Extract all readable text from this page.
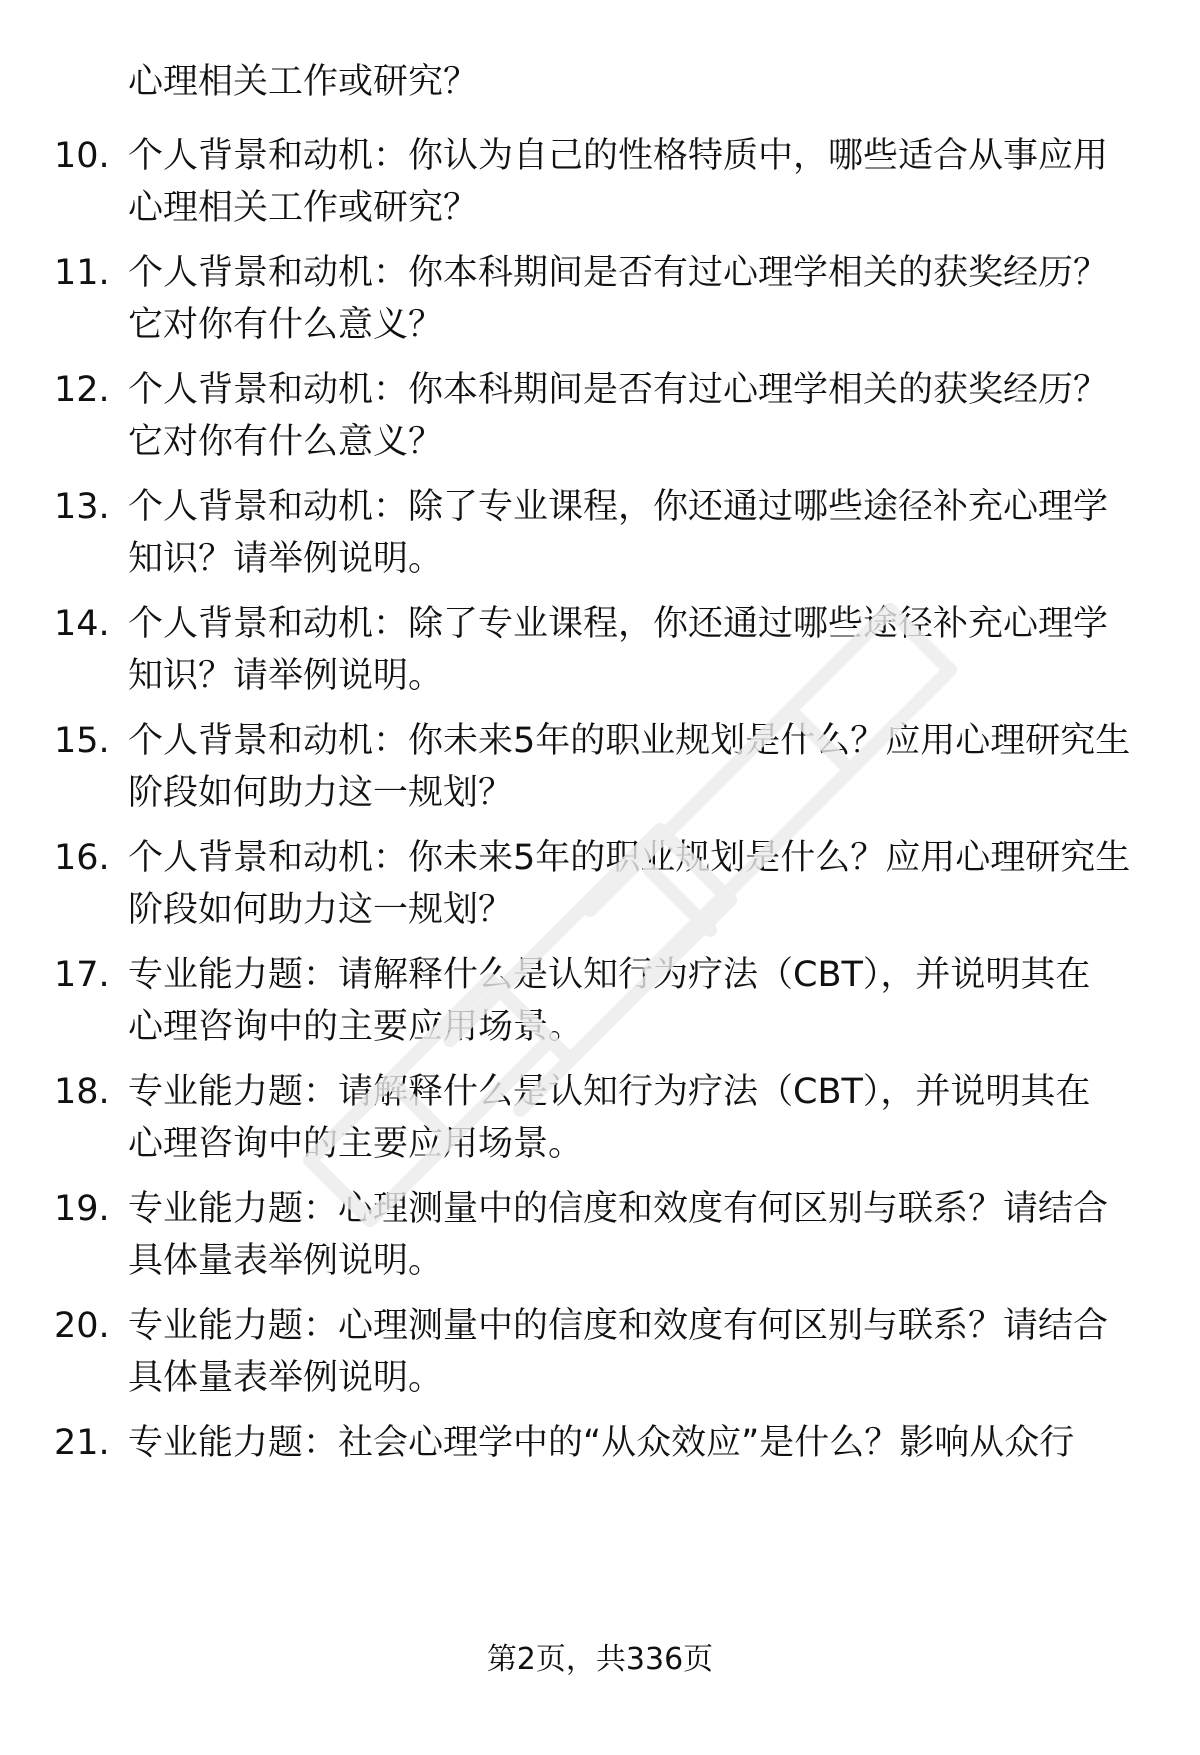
心理相关工作或研究？
10. 个人背景和动机：你认为自己的性格特质中，哪些适合从事应用
心理相关工作或研究？
11. 个人背景和动机：你本科期间是否有过心理学相关的获奖经历？
它对你有什么意义？
12. 个人背景和动机：你本科期间是否有过心理学相关的获奖经历？
它对你有什么意义？
13. 个人背景和动机：除了专业课程，你还通过哪些途径补充心理学
知识？请举例说明。
14. 个人背景和动机：除了专业课程，你还通过哪些途径补充心理学
知识？请举例说明。
15. 个人背景和动机：你未来5年的职业规划是什么？应用心理研究生
阶段如何助力这一规划？
16. 个人背景和动机：你未来5年的职业规划是什么？应用心理研究生
阶段如何助力这一规划？
17. 专业能力题：请解释什么是认知行为疗法（CBT），并说明其在
心理咨询中的主要应用场景。
18. 专业能力题：请解释什么是认知行为疗法（CBT），并说明其在
心理咨询中的主要应用场景。
19. 专业能力题：心理测量中的信度和效度有何区别与联系？请结合
具体量表举例说明。
20. 专业能力题：心理测量中的信度和效度有何区别与联系？请结合
具体量表举例说明。
21. 专业能力题：社会心理学中的“从众效应”是什么？影响从众行
第2页，共336页
